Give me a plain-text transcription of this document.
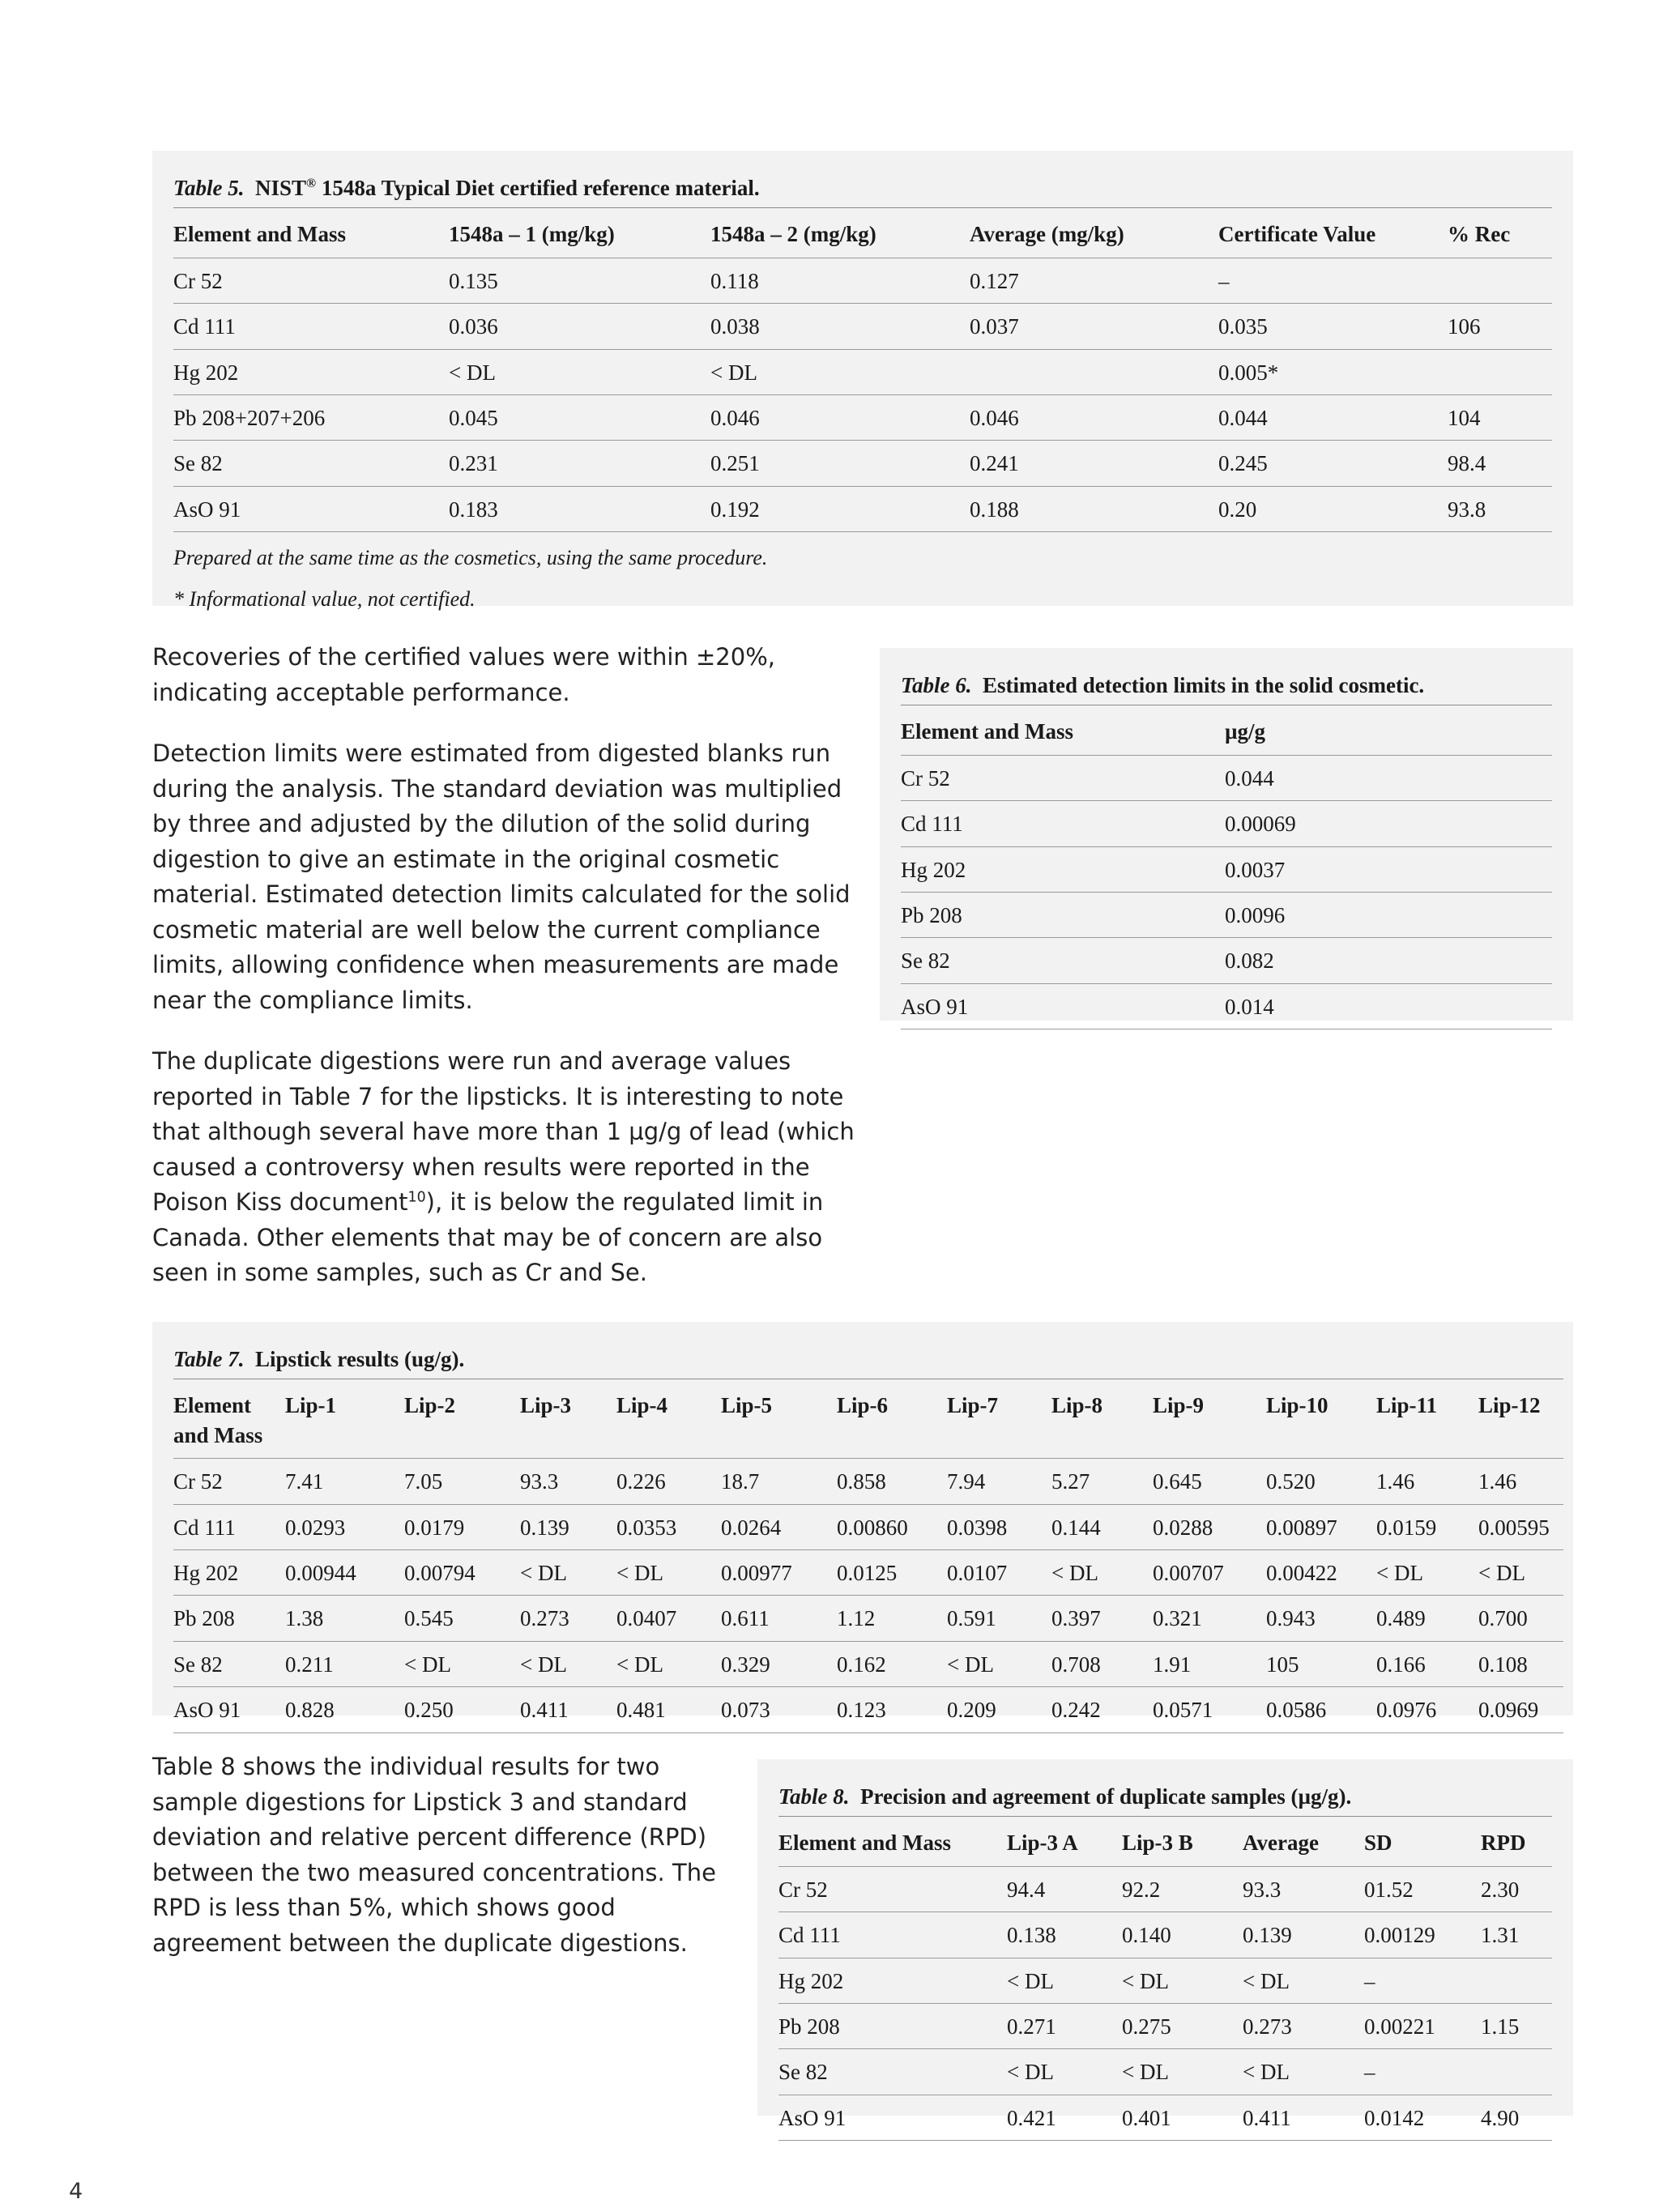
Table 5. NIST® 1548a Typical Diet certified reference material.
Element and Mass	1548a – 1 (mg/kg)	1548a – 2 (mg/kg)	Average (mg/kg)	Certificate Value	% Rec
Cr 52	0.135	0.118	0.127	–	
Cd 111	0.036	0.038	0.037	0.035	106
Hg 202	< DL	< DL		0.005*	
Pb 208+207+206	0.045	0.046	0.046	0.044	104
Se 82	0.231	0.251	0.241	0.245	98.4
AsO 91	0.183	0.192	0.188	0.20	93.8
Prepared at the same time as the cosmetics, using the same procedure.
* Informational value, not certified.

Recoveries of the certified values were within ±20%, indicating acceptable performance.

Detection limits were estimated from digested blanks run during the analysis. The standard deviation was multiplied by three and adjusted by the dilution of the solid during digestion to give an estimate in the original cosmetic material. Estimated detection limits calculated for the solid cosmetic material are well below the current compliance limits, allowing confidence when measurements are made near the compliance limits.

The duplicate digestions were run and average values reported in Table 7 for the lipsticks. It is interesting to note that although several have more than 1 µg/g of lead (which caused a controversy when results were reported in the Poison Kiss document$^{10}$), it is below the regulated limit in Canada. Other elements that may be of concern are also seen in some samples, such as Cr and Se.

Table 6. Estimated detection limits in the solid cosmetic.
Element and Mass	µg/g
Cr 52	0.044
Cd 111	0.00069
Hg 202	0.0037
Pb 208	0.0096
Se 82	0.082
AsO 91	0.014
Table 7. Lipstick results (ug/g).
Element and Mass	Lip-1	Lip-2	Lip-3	Lip-4	Lip-5	Lip-6	Lip-7	Lip-8	Lip-9	Lip-10	Lip-11	Lip-12
Cr 52	7.41	7.05	93.3	0.226	18.7	0.858	7.94	5.27	0.645	0.520	1.46	1.46
Cd 111	0.0293	0.0179	0.139	0.0353	0.0264	0.00860	0.0398	0.144	0.0288	0.00897	0.0159	0.00595
Hg 202	0.00944	0.00794	< DL	< DL	0.00977	0.0125	0.0107	< DL	0.00707	0.00422	< DL	< DL
Pb 208	1.38	0.545	0.273	0.0407	0.611	1.12	0.591	0.397	0.321	0.943	0.489	0.700
Se 82	0.211	< DL	< DL	< DL	0.329	0.162	< DL	0.708	1.91	105	0.166	0.108
AsO 91	0.828	0.250	0.411	0.481	0.073	0.123	0.209	0.242	0.0571	0.0586	0.0976	0.0969

Table 8 shows the individual results for two sample digestions for Lipstick 3 and standard deviation and relative percent difference (RPD) between the two measured concentrations. The RPD is less than 5%, which shows good agreement between the duplicate digestions.

Table 8. Precision and agreement of duplicate samples (µg/g).
Element and Mass	Lip-3 A	Lip-3 B	Average	SD	RPD
Cr 52	94.4	92.2	93.3	01.52	2.30
Cd 111	0.138	0.140	0.139	0.00129	1.31
Hg 202	< DL	< DL	< DL	–	
Pb 208	0.271	0.275	0.273	0.00221	1.15
Se 82	< DL	< DL	< DL	–	
AsO 91	0.421	0.401	0.411	0.0142	4.90
4
